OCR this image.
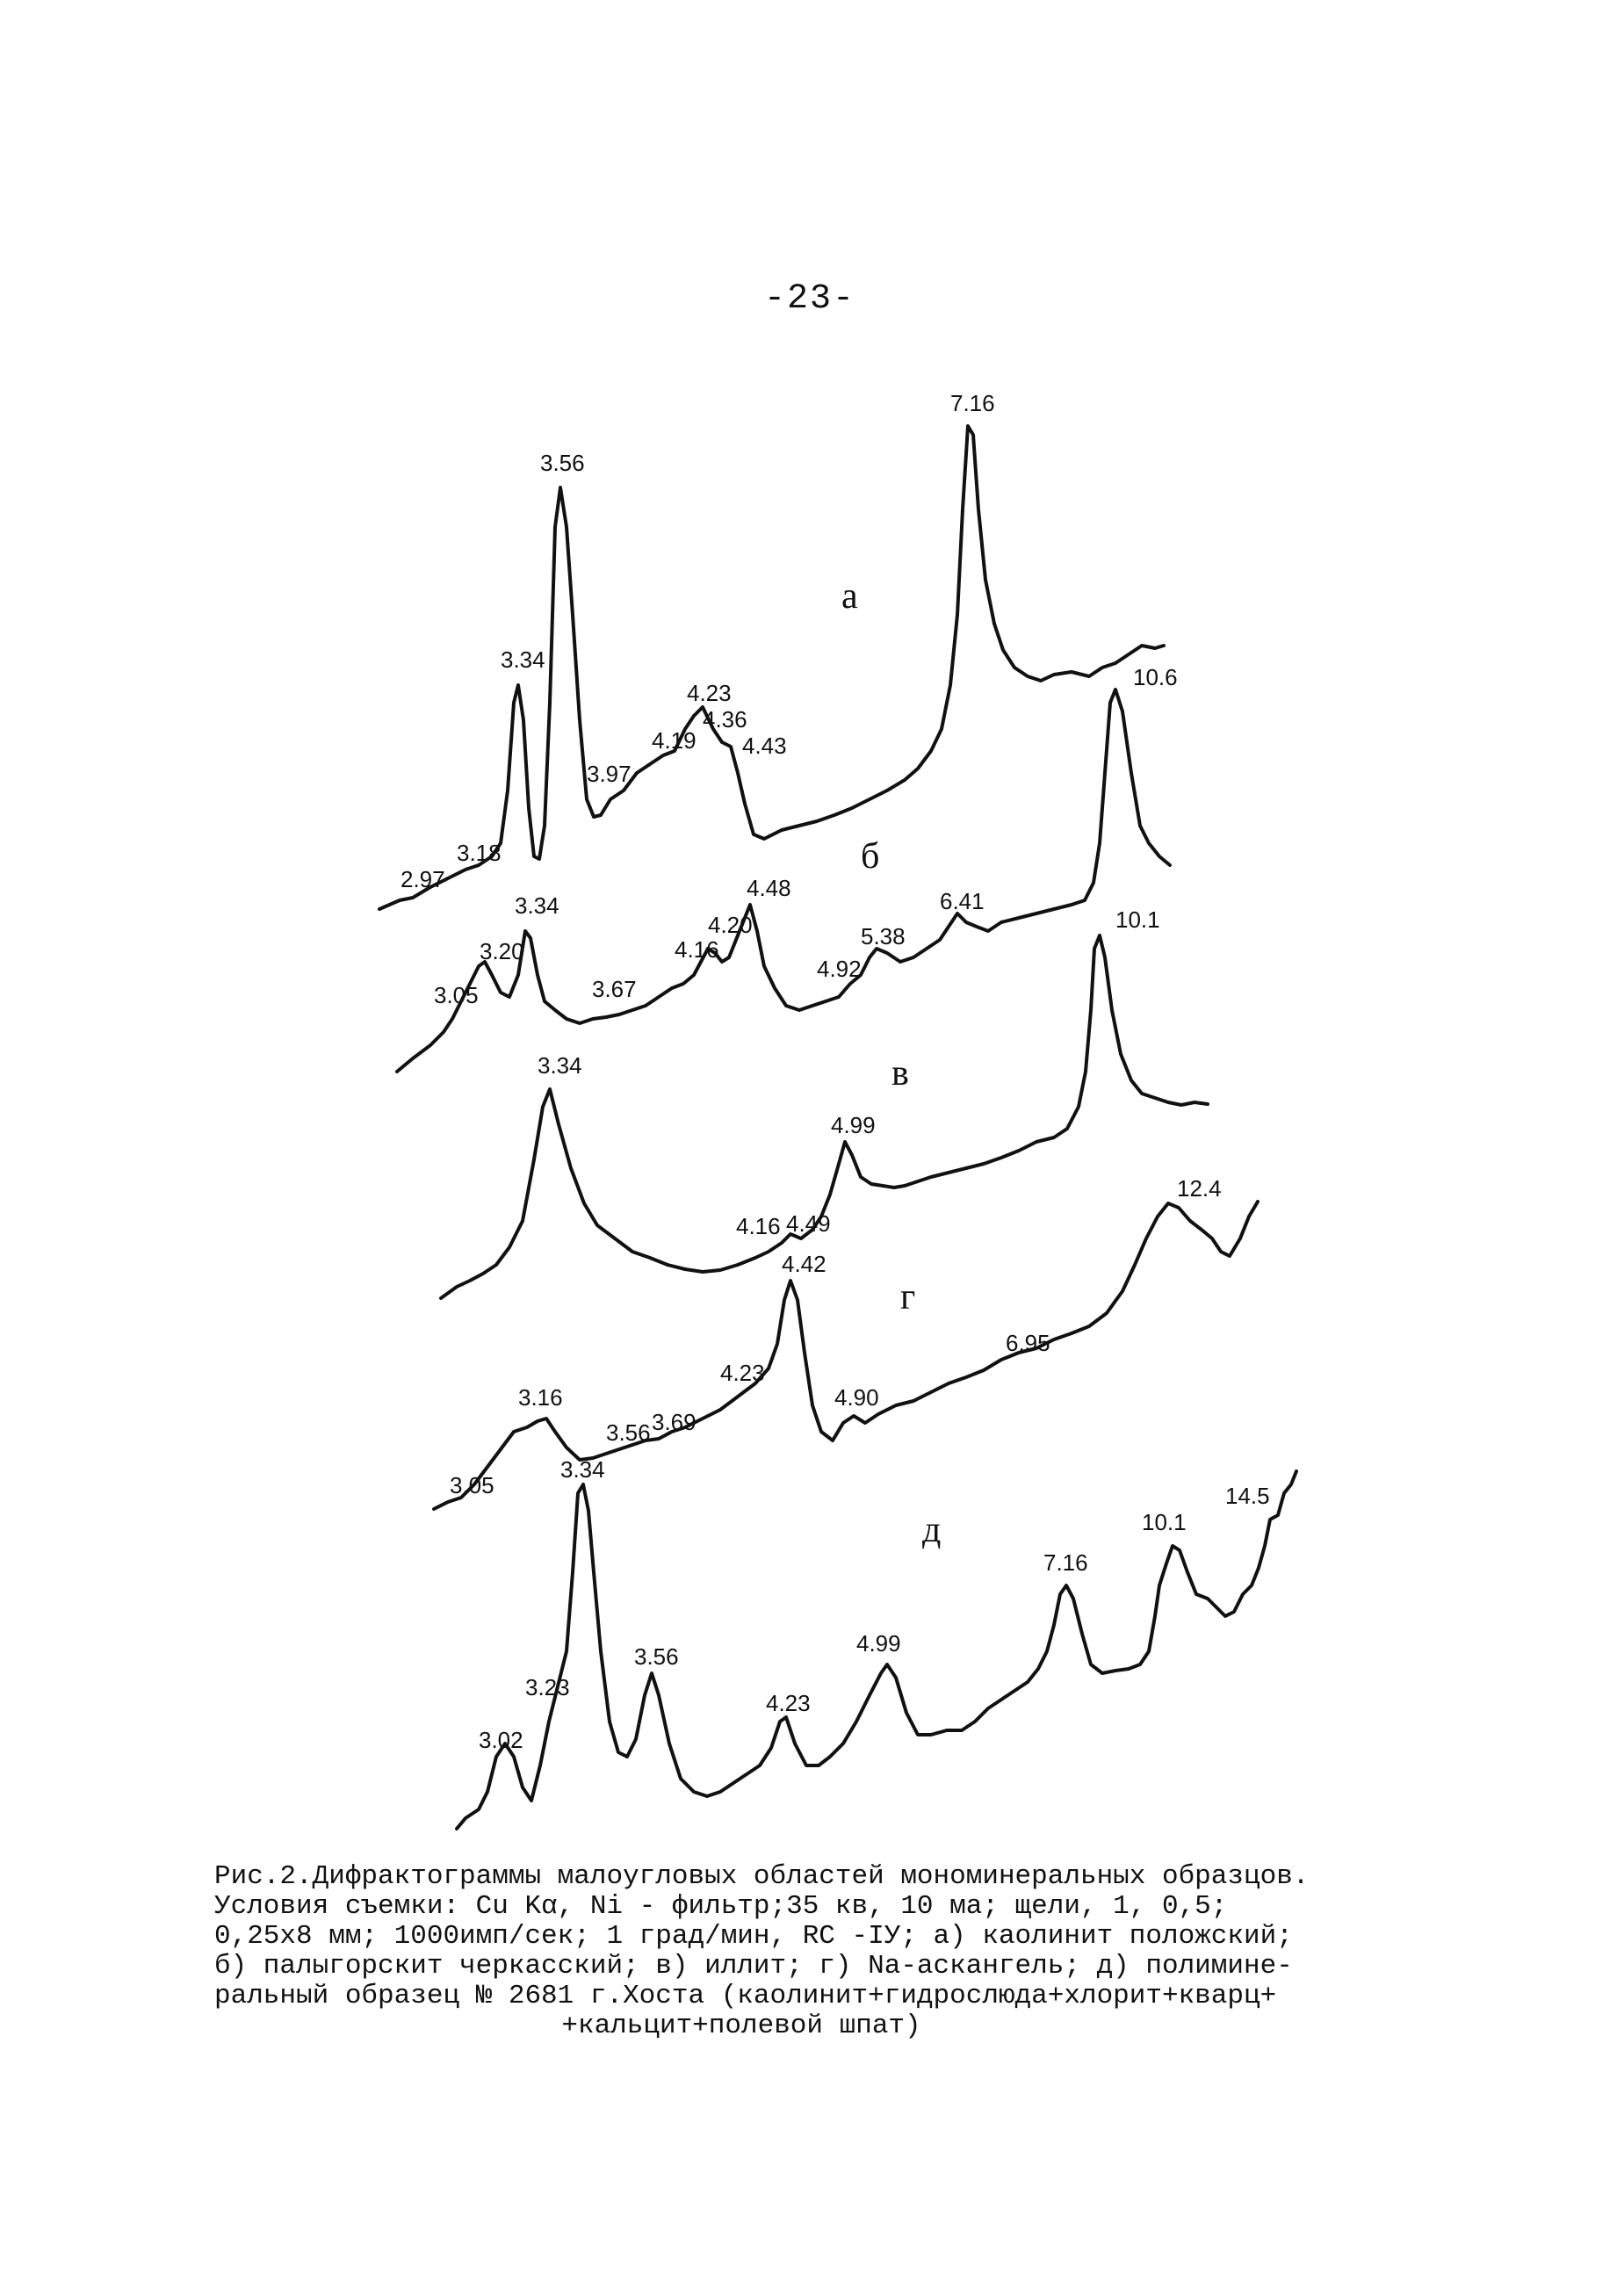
-23-
а
б
в
г
д
2.97
3.18
3.34
3.56
3.97
4.19
4.23
4.36
4.43
7.16
3.05
3.20
3.34
3.67
4.16
4.20
4.48
4.92
5.38
6.41
10.6
3.34
4.16 4.49
4.99
10.1
3.05
3.16
3.56 3.69
4.23
4.42
4.90
6.95
12.4
3.02
3.23
3.34
3.56
4.23
4.99
7.16
10.1
14.5
Рис.2.Дифрактограммы малоугловых областей мономинеральных образцов.
Условия съемки: Cu Kα, Ni - фильтр;35 кв, 10 ма; щели, 1, 0,5;
0,25х8 мм; 1000имп/сек; 1 град/мин, RC -IУ; а) каолинит положский;
б) палыгорскит черкасский; в) иллит; г) Na-аскангель; д) полимине-
ральный образец № 2681 г.Хоста (каолинит+гидрослюда+хлорит+кварц+
+кальцит+полевой шпат)
